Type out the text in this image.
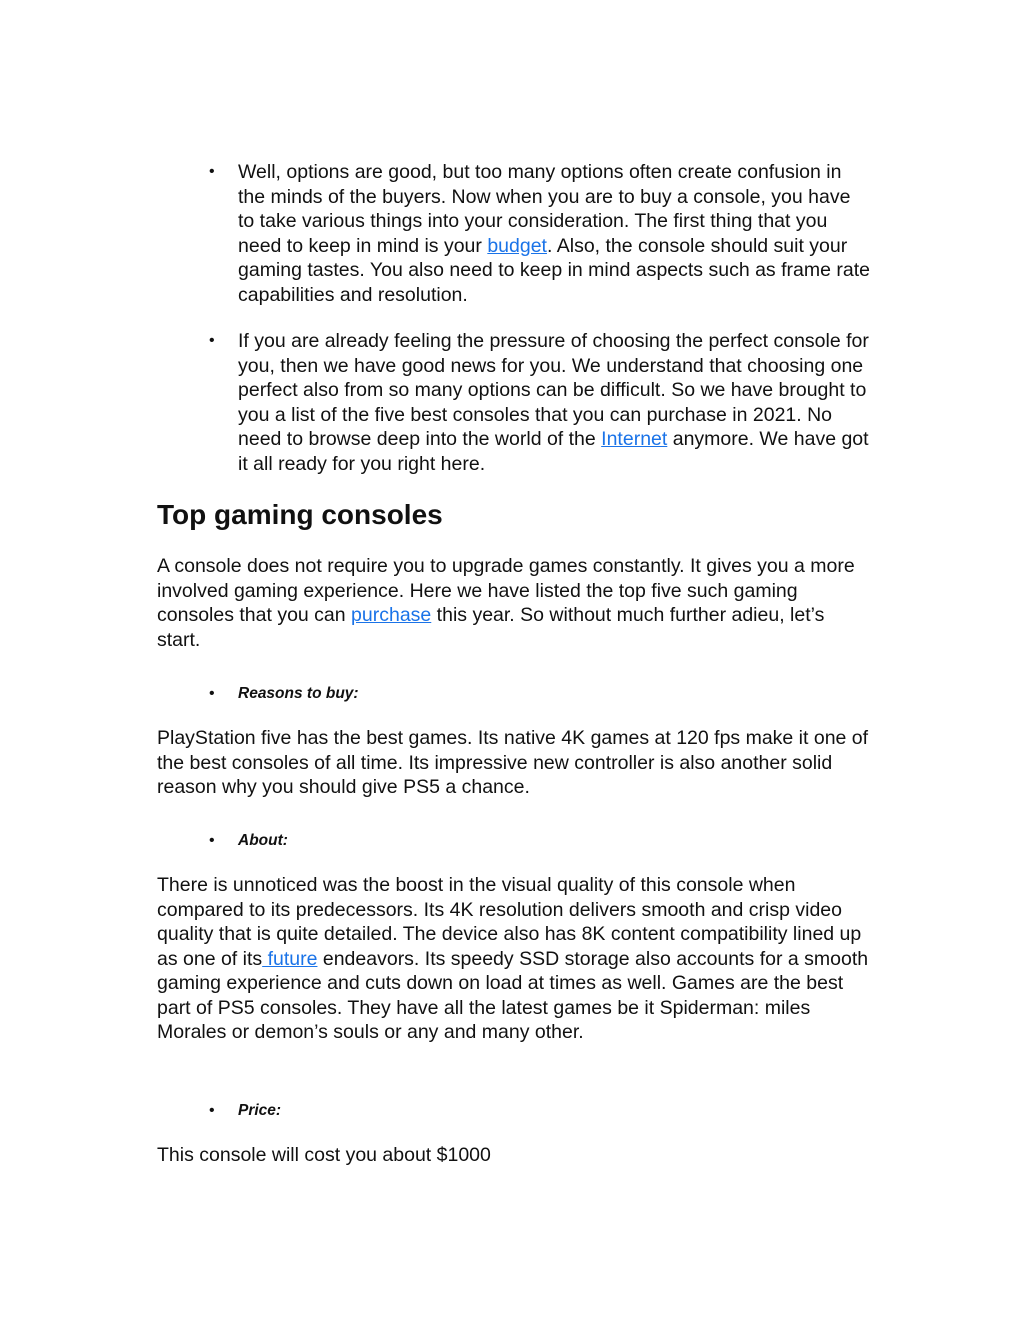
• Well, options are good, but too many options often create confusion in the minds of the buyers. Now when you are to buy a console, you have to take various things into your consideration. The first thing that you need to keep in mind is your budget. Also, the console should suit your gaming tastes. You also need to keep in mind aspects such as frame rate capabilities and resolution.

• If you are already feeling the pressure of choosing the perfect console for you, then we have good news for you. We understand that choosing one perfect also from so many options can be difficult. So we have brought to you a list of the five best consoles that you can purchase in 2021. No need to browse deep into the world of the Internet anymore. We have got it all ready for you right here.

Top gaming consoles

A console does not require you to upgrade games constantly. It gives you a more involved gaming experience. Here we have listed the top five such gaming consoles that you can purchase this year. So without much further adieu, let’s start.

• Reasons to buy:

PlayStation five has the best games. Its native 4K games at 120 fps make it one of the best consoles of all time. Its impressive new controller is also another solid reason why you should give PS5 a chance.

• About:

There is unnoticed was the boost in the visual quality of this console when compared to its predecessors. Its 4K resolution delivers smooth and crisp video quality that is quite detailed. The device also has 8K content compatibility lined up as one of its future endeavors. Its speedy SSD storage also accounts for a smooth gaming experience and cuts down on load at times as well. Games are the best part of PS5 consoles. They have all the latest games be it Spiderman: miles Morales or demon’s souls or any and many other.

• Price:

This console will cost you about $1000
